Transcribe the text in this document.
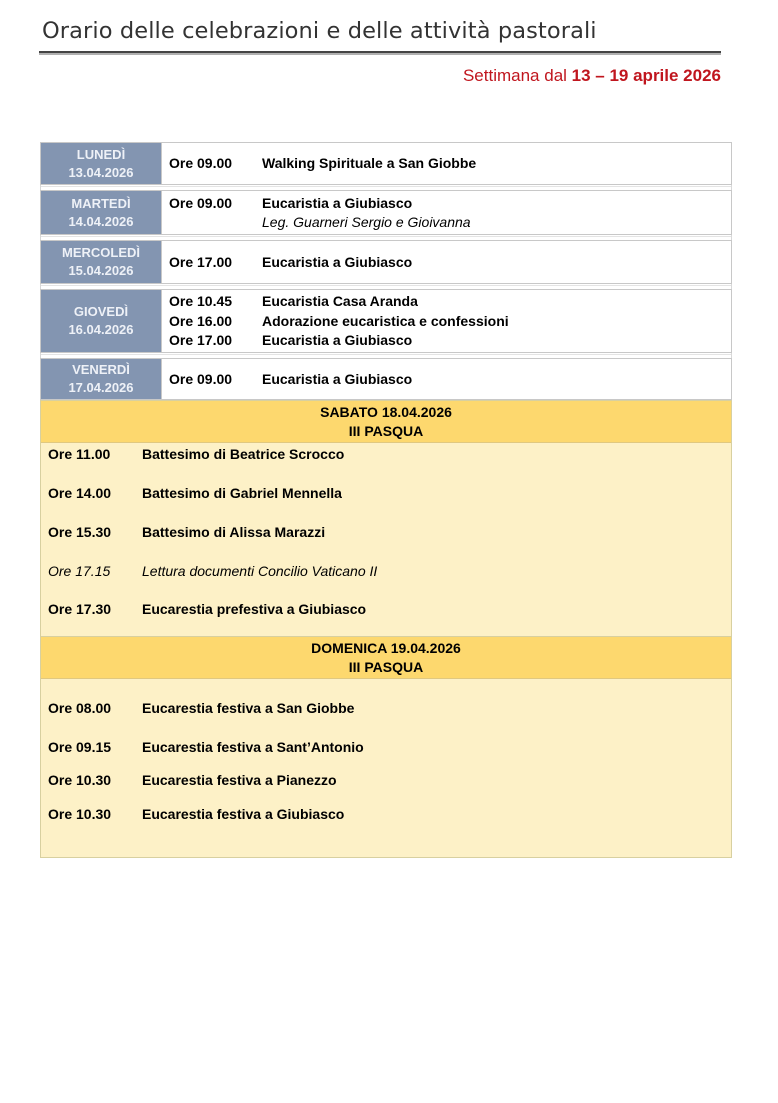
Orario delle celebrazioni e delle attività pastorali
Settimana dal 13 – 19 aprile 2026
LUNEDÌ
13.04.2026
Ore 09.00	Walking Spirituale a San Giobbe
MARTEDÌ
14.04.2026
Ore 09.00	Eucaristia a Giubiasco
Leg. Guarneri Sergio e Gioivanna
MERCOLEDÌ
15.04.2026
Ore 17.00	Eucaristia a Giubiasco
GIOVEDÌ
16.04.2026
Ore 10.45	Eucaristia Casa Aranda
Ore 16.00	Adorazione eucaristica e confessioni
Ore 17.00	Eucaristia a Giubiasco
VENERDÌ
17.04.2026
Ore 09.00	Eucaristia a Giubiasco
SABATO 18.04.2026
III PASQUA
Ore 11.00	Battesimo di Beatrice Scrocco
Ore 14.00	Battesimo di Gabriel Mennella
Ore 15.30	Battesimo di Alissa Marazzi
Ore 17.15	Lettura documenti Concilio Vaticano II
Ore 17.30	Eucarestia prefestiva a Giubiasco
DOMENICA 19.04.2026
III PASQUA
Ore 08.00	Eucarestia festiva a San Giobbe
Ore 09.15	Eucarestia festiva a Sant’Antonio
Ore 10.30	Eucarestia festiva a Pianezzo
Ore 10.30	Eucarestia festiva a Giubiasco
